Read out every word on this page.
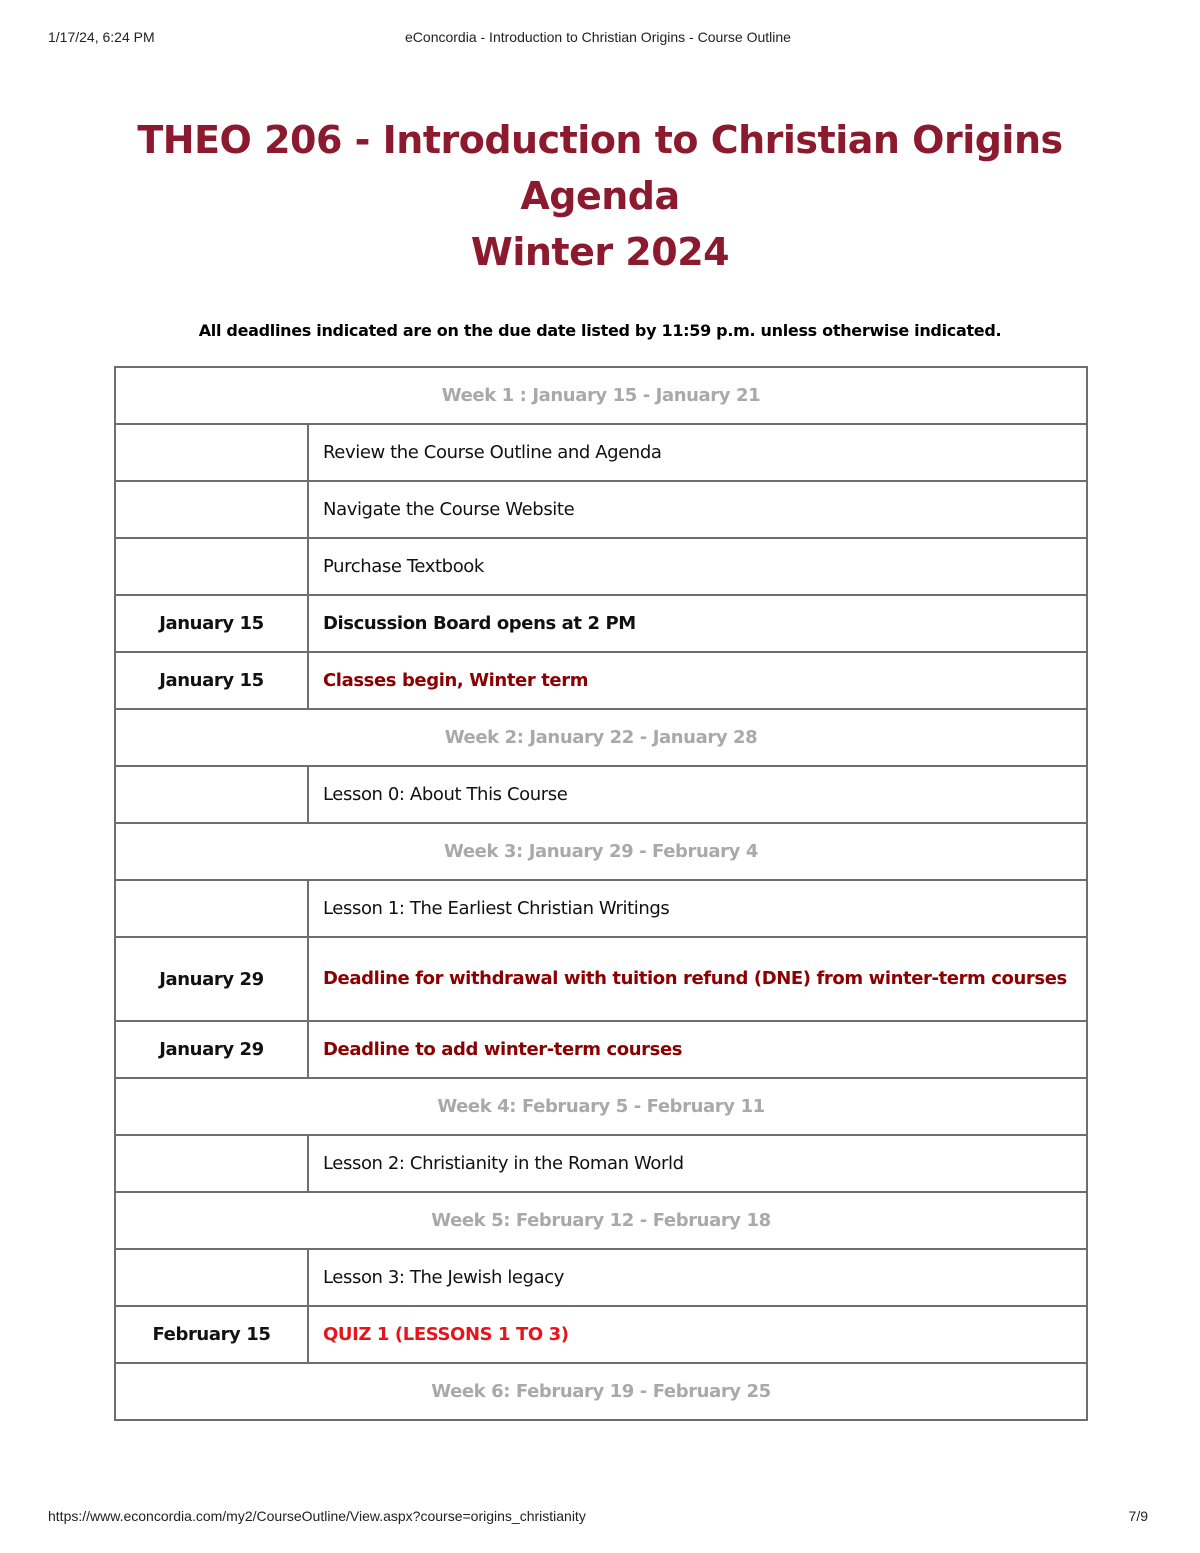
1/17/24, 6:24 PM	eConcordia - Introduction to Christian Origins - Course Outline
THEO 206 - Introduction to Christian Origins
Agenda
Winter 2024
All deadlines indicated are on the due date listed by 11:59 p.m. unless otherwise indicated.
Week 1 : January 15 - January 21	
	Review the Course Outline and Agenda
	Navigate the Course Website
	Purchase Textbook
January 15	Discussion Board opens at 2 PM
January 15	Classes begin, Winter term
Week 2: January 22 - January 28	
	Lesson 0: About This Course
Week 3: January 29 - February 4	
	Lesson 1: The Earliest Christian Writings
January 29	Deadline for withdrawal with tuition refund (DNE) from winter-term courses
January 29	Deadline to add winter-term courses
Week 4: February 5 - February 11	
	Lesson 2: Christianity in the Roman World
Week 5: February 12 - February 18	
	Lesson 3: The Jewish legacy
February 15	QUIZ 1 (LESSONS 1 TO 3)
Week 6: February 19 - February 25	
https://www.econcordia.com/my2/CourseOutline/View.aspx?course=origins_christianity	7/9
